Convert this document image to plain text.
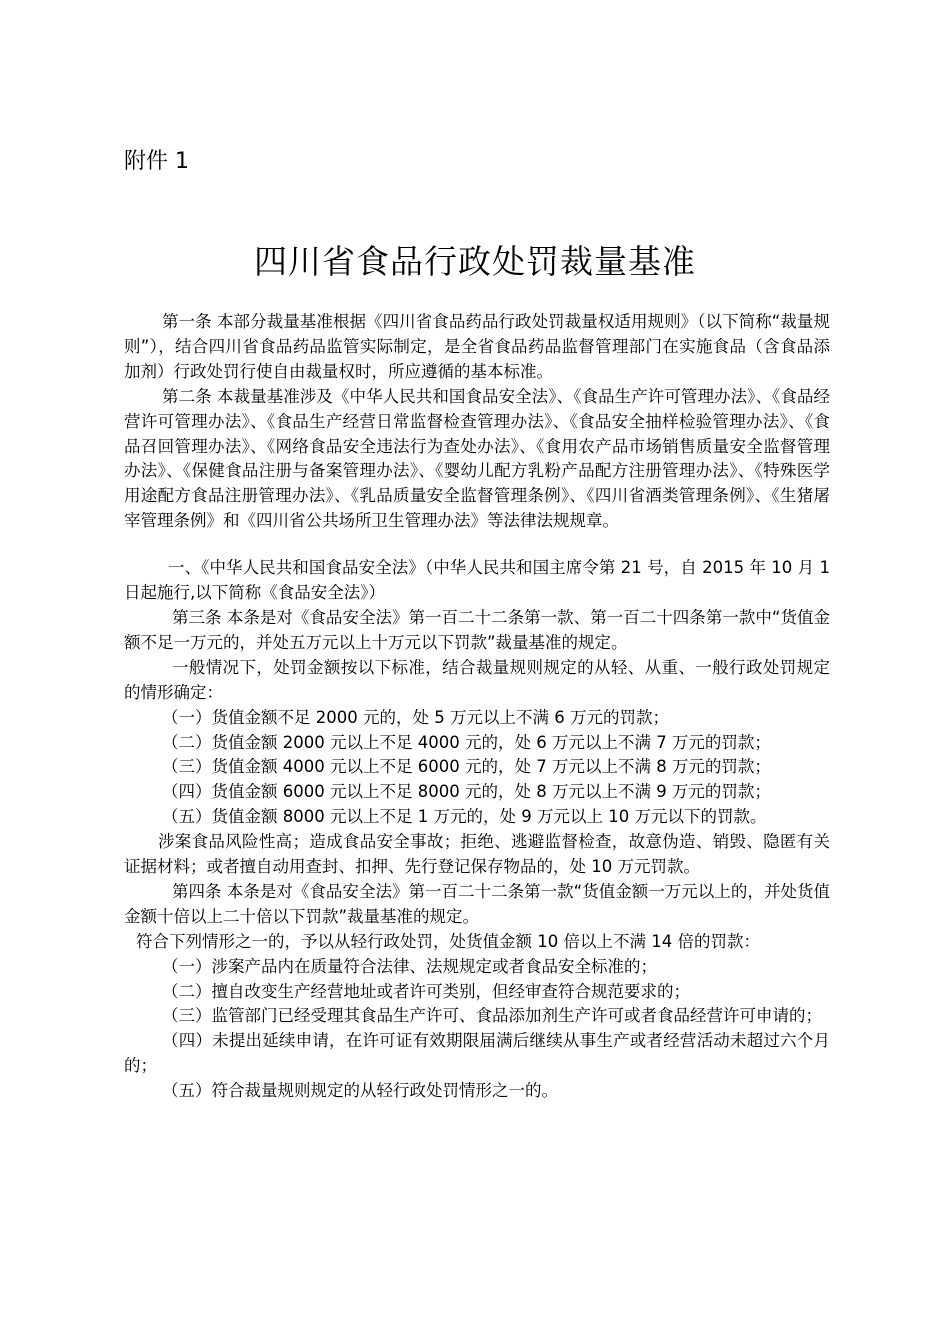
附件 1
四川省食品行政处罚裁量基准

第一条 本部分裁量基准根据《四川省食品药品行政处罚裁量权适用规则》（以下简称“裁量规则”），结合四川省食品药品监管实际制定，是全省食品药品监督管理部门在实施食品（含食品添加剂）行政处罚行使自由裁量权时，所应遵循的基本标准。

第二条 本裁量基准涉及《中华人民共和国食品安全法》、《食品生产许可管理办法》、《食品经营许可管理办法》、《食品生产经营日常监督检查管理办法》、《食品安全抽样检验管理办法》、《食品召回管理办法》、《网络食品安全违法行为查处办法》、《食用农产品市场销售质量安全监督管理办法》、《保健食品注册与备案管理办法》、《婴幼儿配方乳粉产品配方注册管理办法》、《特殊医学用途配方食品注册管理办法》、《乳品质量安全监督管理条例》、《四川省酒类管理条例》、《生猪屠宰管理条例》和《四川省公共场所卫生管理办法》等法律法规规章。

一、《中华人民共和国食品安全法》（中华人民共和国主席令第 21 号，自 2015 年 10 月 1 日起施行,以下简称《食品安全法》）

第三条 本条是对《食品安全法》第一百二十二条第一款、第一百二十四条第一款中“货值金额不足一万元的，并处五万元以上十万元以下罚款”裁量基准的规定。

一般情况下，处罚金额按以下标准，结合裁量规则规定的从轻、从重、一般行政处罚规定的情形确定：

（一）货值金额不足 2000 元的，处 5 万元以上不满 6 万元的罚款；

（二）货值金额 2000 元以上不足 4000 元的，处 6 万元以上不满 7 万元的罚款；

（三）货值金额 4000 元以上不足 6000 元的，处 7 万元以上不满 8 万元的罚款；

（四）货值金额 6000 元以上不足 8000 元的，处 8 万元以上不满 9 万元的罚款；

（五）货值金额 8000 元以上不足 1 万元的，处 9 万元以上 10 万元以下的罚款。

涉案食品风险性高；造成食品安全事故；拒绝、逃避监督检查，故意伪造、销毁、隐匿有关证据材料；或者擅自动用查封、扣押、先行登记保存物品的，处 10 万元罚款。

第四条 本条是对《食品安全法》第一百二十二条第一款“货值金额一万元以上的，并处货值金额十倍以上二十倍以下罚款”裁量基准的规定。

符合下列情形之一的，予以从轻行政处罚，处货值金额 10 倍以上不满 14 倍的罚款：

（一）涉案产品内在质量符合法律、法规规定或者食品安全标准的；

（二）擅自改变生产经营地址或者许可类别，但经审查符合规范要求的；

（三）监管部门已经受理其食品生产许可、食品添加剂生产许可或者食品经营许可申请的；

（四）未提出延续申请，在许可证有效期限届满后继续从事生产或者经营活动未超过六个月的；

（五）符合裁量规则规定的从轻行政处罚情形之一的。
